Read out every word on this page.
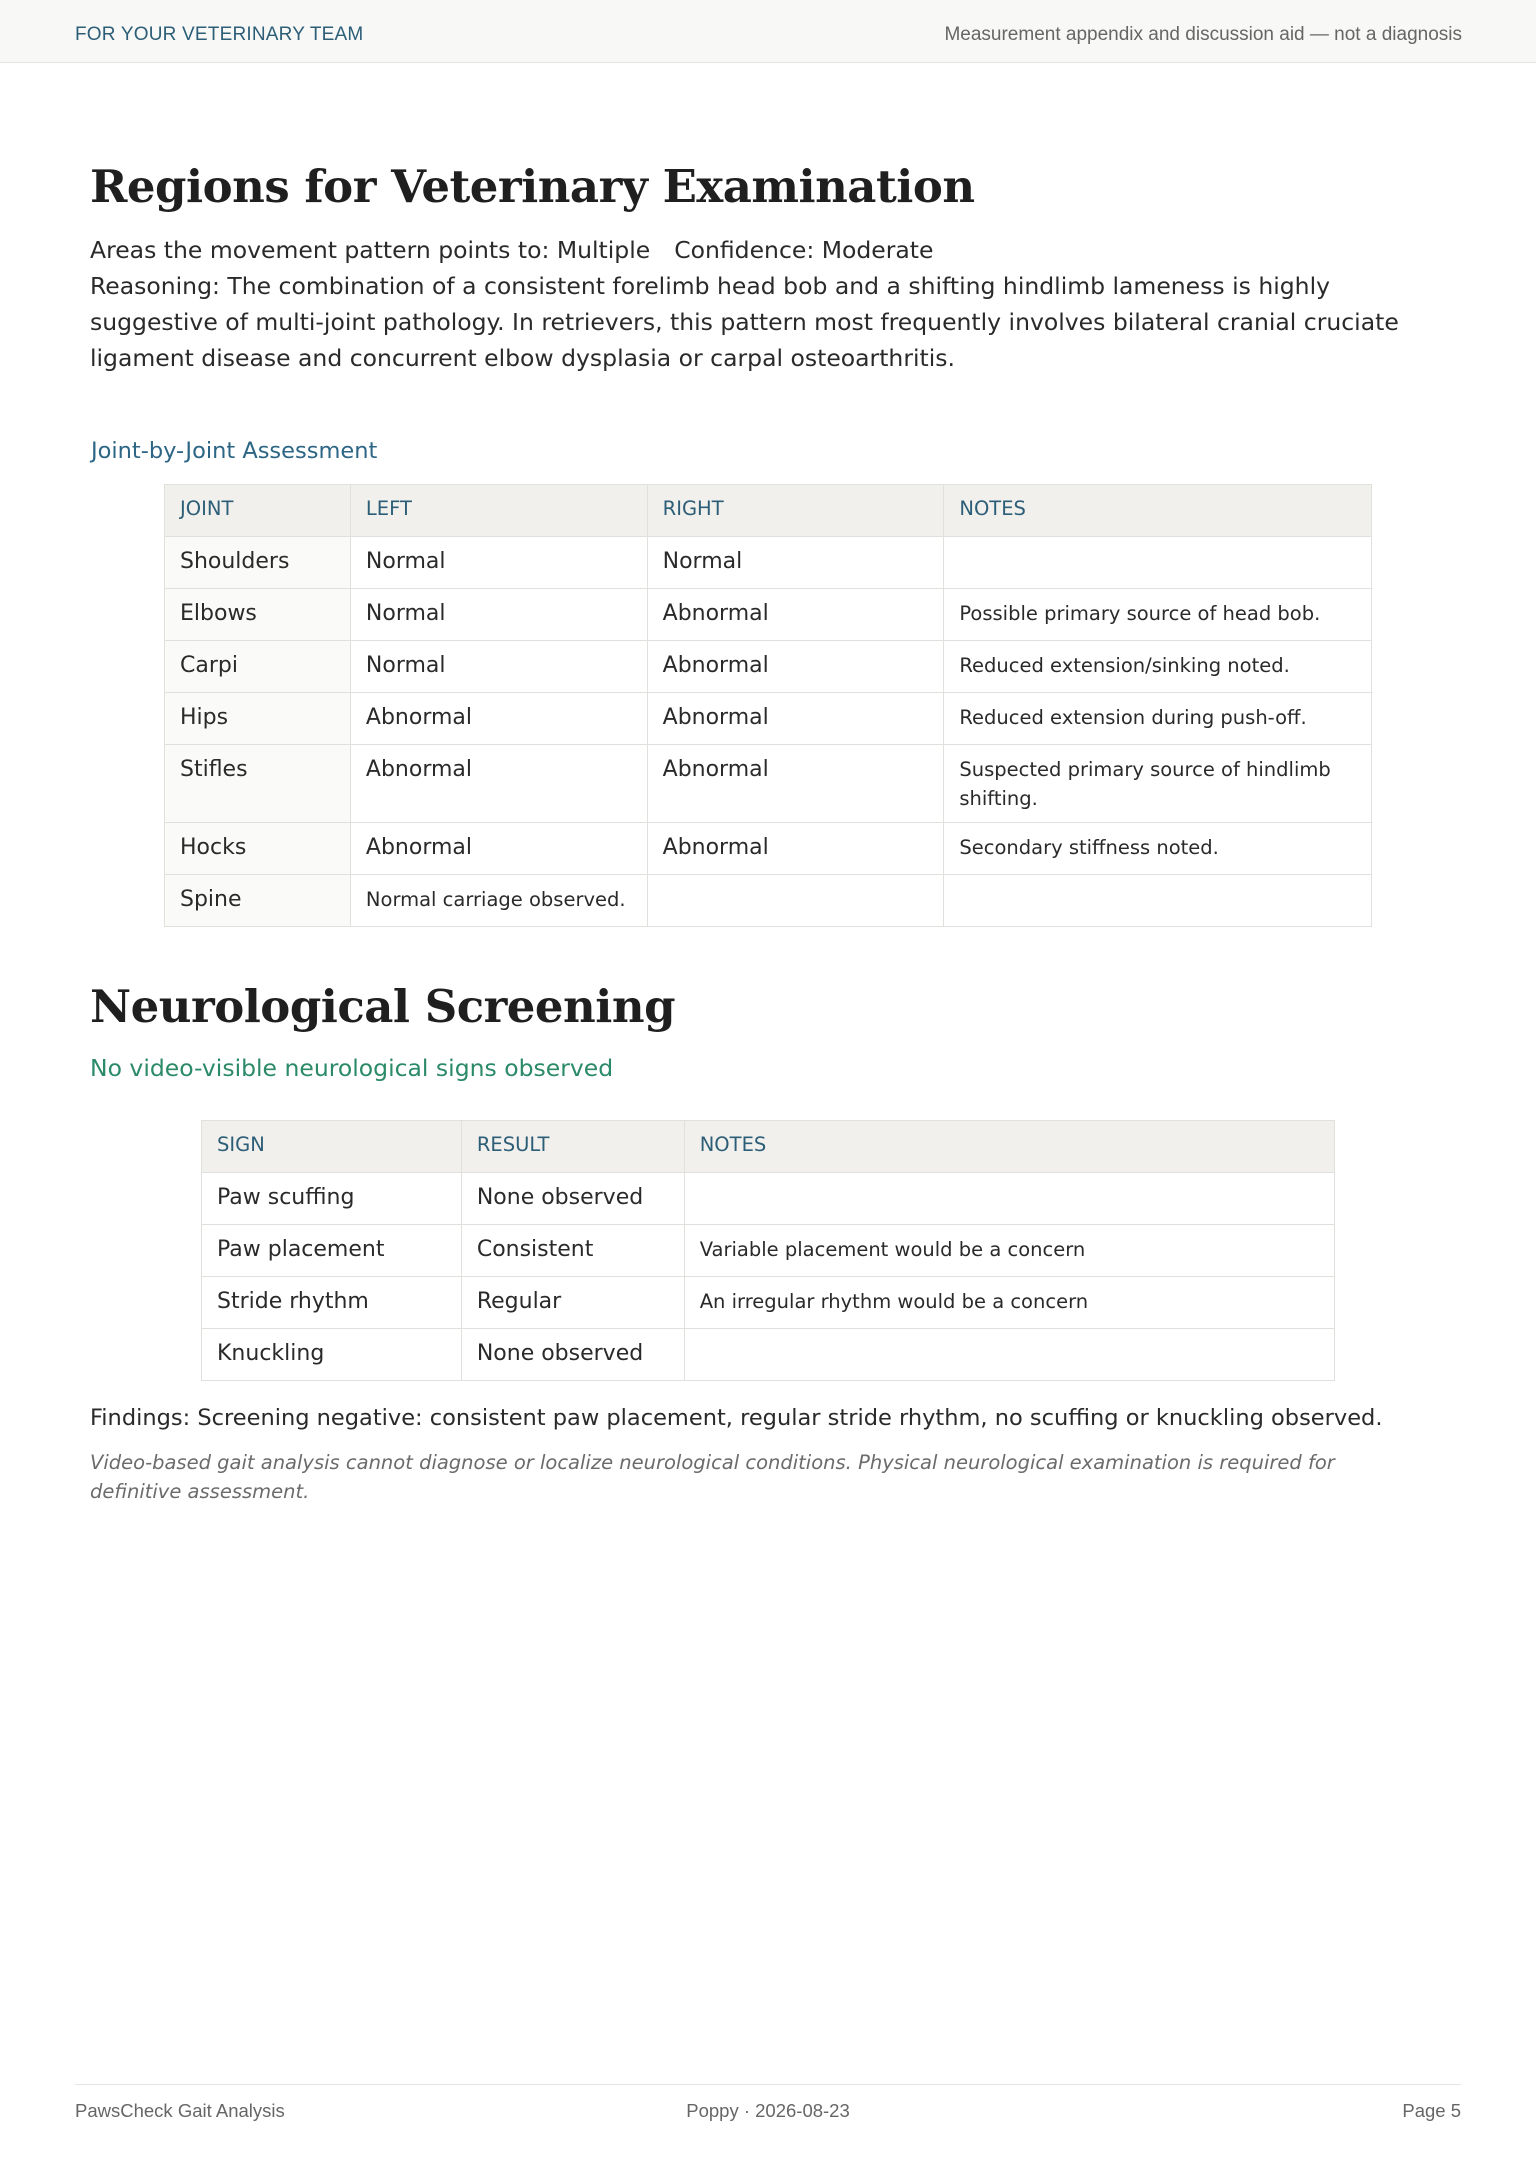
FOR YOUR VETERINARY TEAM	Measurement appendix and discussion aid — not a diagnosis
Regions for Veterinary Examination
Areas the movement pattern points to: Multiple Confidence: Moderate
Reasoning: The combination of a consistent forelimb head bob and a shifting hindlimb lameness is highly suggestive of multi-joint pathology. In retrievers, this pattern most frequently involves bilateral cranial cruciate ligament disease and concurrent elbow dysplasia or carpal osteoarthritis.
Joint-by-Joint Assessment
JOINT	LEFT	RIGHT	NOTES
Shoulders	Normal	Normal	
Elbows	Normal	Abnormal	Possible primary source of head bob.
Carpi	Normal	Abnormal	Reduced extension/sinking noted.
Hips	Abnormal	Abnormal	Reduced extension during push-off.
Stifles	Abnormal	Abnormal	Suspected primary source of hindlimb shifting.
Hocks	Abnormal	Abnormal	Secondary stiffness noted.
Spine	Normal carriage observed.		
Neurological Screening
No video-visible neurological signs observed
SIGN	RESULT	NOTES
Paw scuffing	None observed	
Paw placement	Consistent	Variable placement would be a concern
Stride rhythm	Regular	An irregular rhythm would be a concern
Knuckling	None observed	
Findings: Screening negative: consistent paw placement, regular stride rhythm, no scuffing or knuckling observed.
Video-based gait analysis cannot diagnose or localize neurological conditions. Physical neurological examination is required for definitive assessment.
PawsCheck Gait Analysis	Poppy · 2026-08-23	Page 5
